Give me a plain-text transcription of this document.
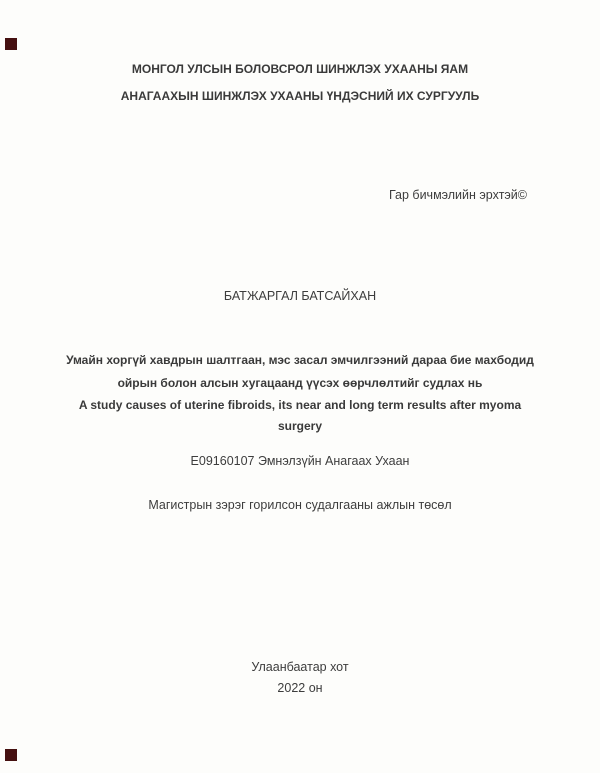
МОНГОЛ УЛСЫН БОЛОВСРОЛ ШИНЖЛЭХ УХААНЫ ЯАМ
АНАГААХЫН ШИНЖЛЭХ УХААНЫ ҮНДЭСНИЙ ИХ СУРГУУЛЬ
Гар бичмэлийн эрхтэй©
БАТЖАРГАЛ БАТСАЙХАН
Умайн хоргүй хавдрын шалтгаан, мэс засал эмчилгээний дараа бие махбодид
ойрын болон алсын хугацаанд үүсэх өөрчлөлтийг судлах нь
A study causes of uterine fibroids, its near and long term results after myoma
surgery
Е09160107 Эмнэлзүйн Анагаах Ухаан
Магистрын зэрэг горилсон судалгааны ажлын төсөл
Улаанбаатар хот
2022 он
